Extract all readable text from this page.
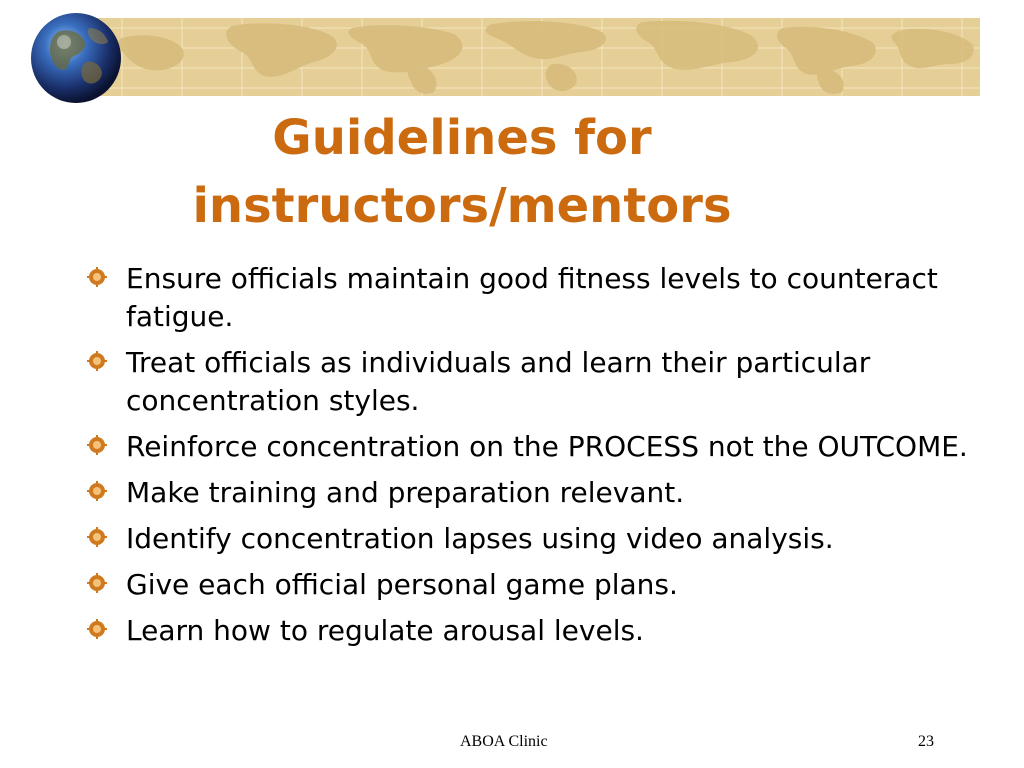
Guidelines for
instructors/mentors
Ensure officials maintain good fitness levels to counteract fatigue.
Treat officials as individuals and learn their particular concentration styles.
Reinforce concentration on the PROCESS not the OUTCOME.
Make training and preparation relevant.
Identify concentration lapses using video analysis.
Give each official personal game plans.
Learn how to regulate arousal levels.
ABOA Clinic	23
